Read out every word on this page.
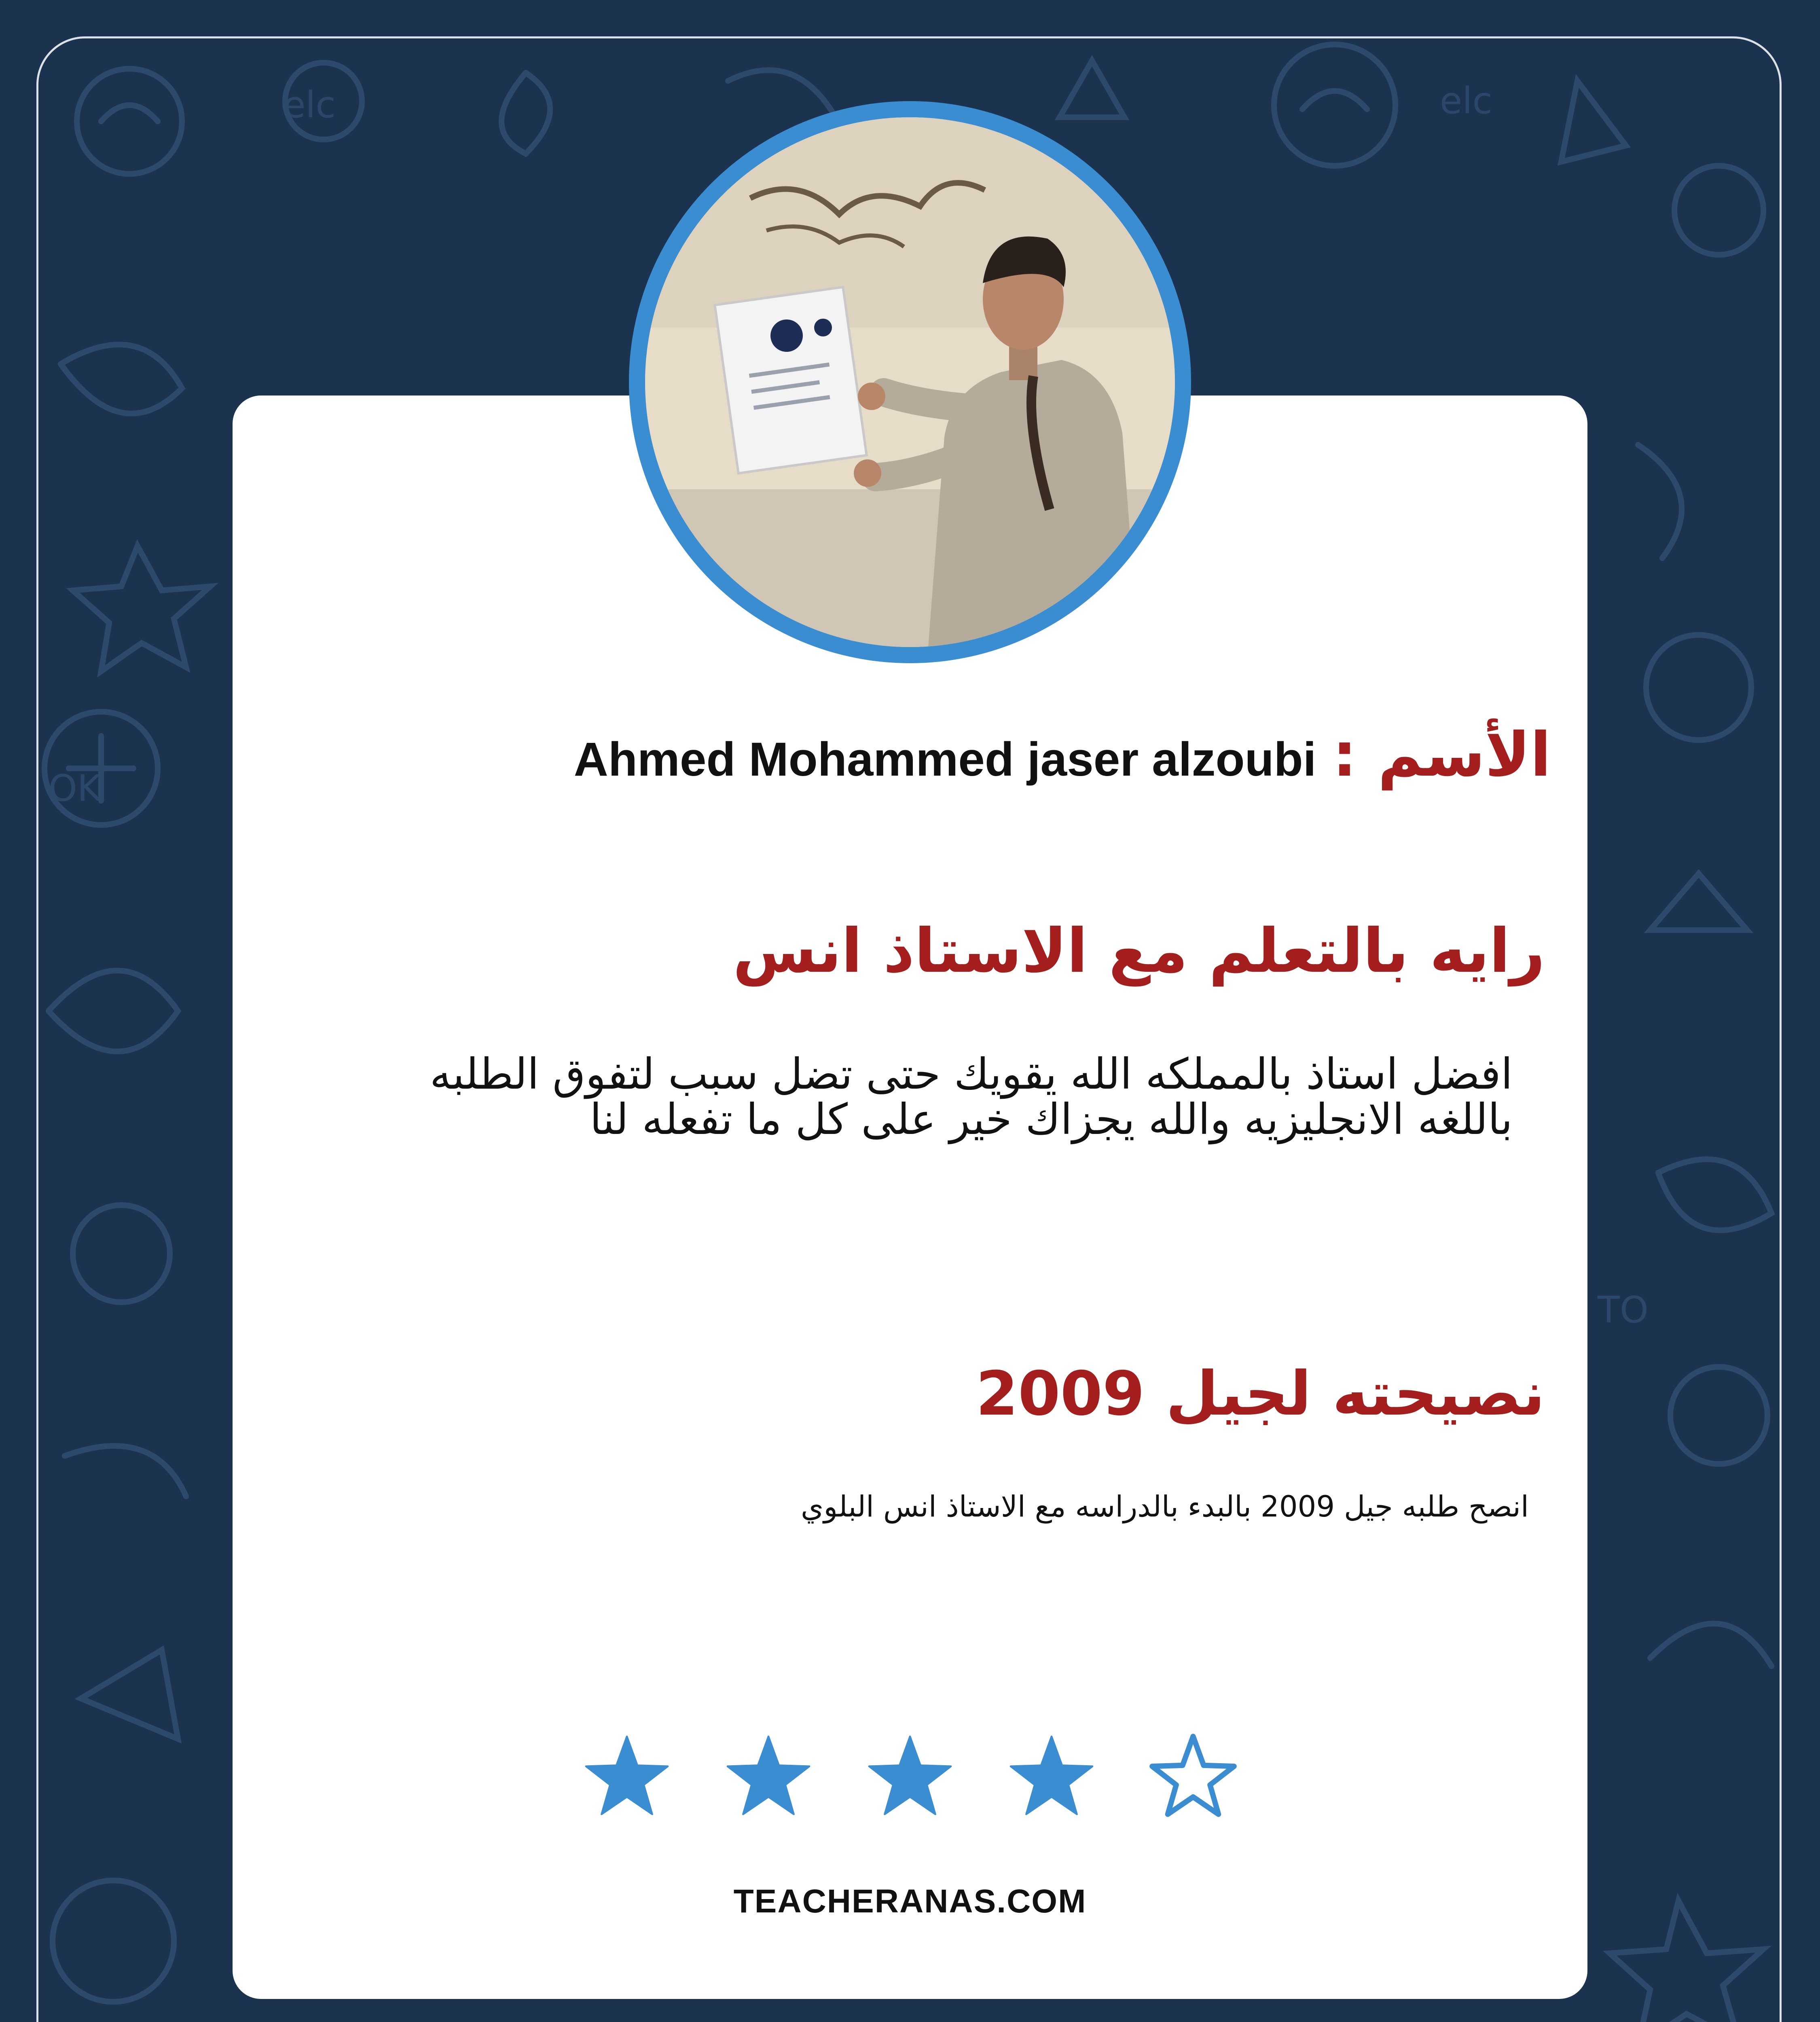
elc	elc
OK
TO
الأسم :
Ahmed Mohammed jaser alzoubi
رايه بالتعلم مع الاستاذ انس
افضل استاذ بالمملكه الله يقويك حتى تضل سبب لتفوق الطلبه باللغه الانجليزيه والله يجزاك خير على كل ما تفعله لنا
نصيحته لجيل 2009
انصح طلبه جيل 2009 بالبدء بالدراسه مع الاستاذ انس البلوي
TEACHERANAS.COM
